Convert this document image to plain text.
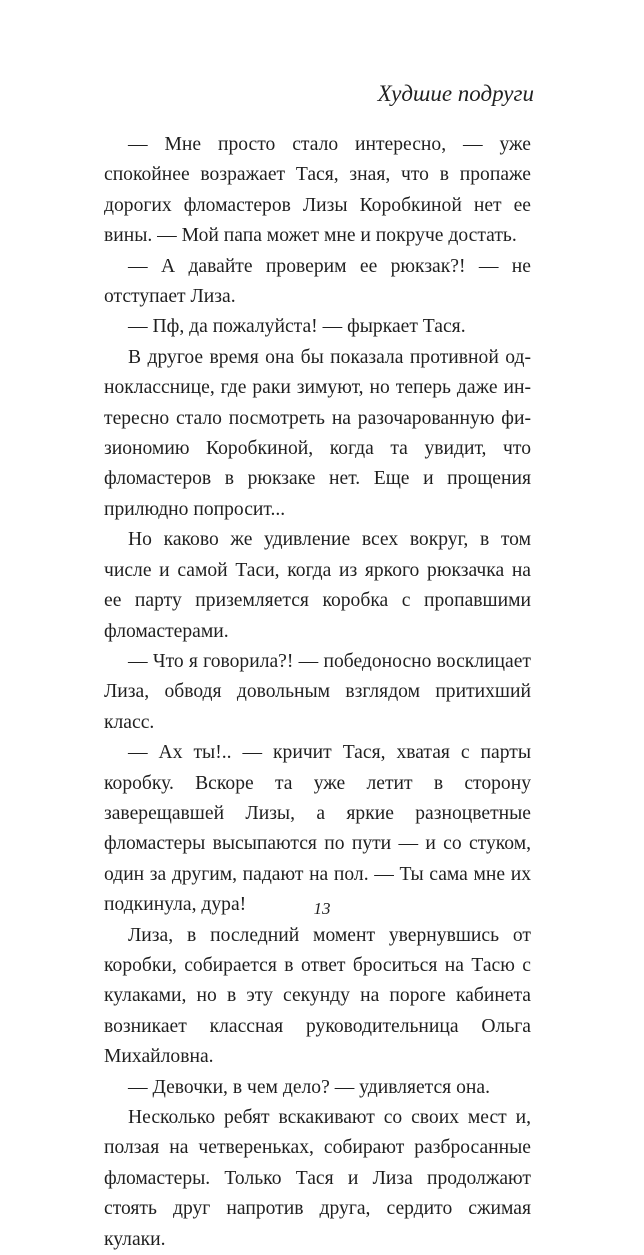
Худшие подруги

— Мне просто стало интересно, — уже спокойнее возражает Тася, зная, что в пропаже дорогих фломастеров Лизы Коробкиной нет ее вины. — Мой папа может мне и покруче достать.

— А давайте проверим ее рюкзак?! — не отступает Лиза.

— Пф, да пожалуйста! — фыркает Тася.

В другое время она бы показала противной однокласснице, где раки зимуют, но теперь даже интересно стало посмотреть на разочарованную физиономию Коробкиной, когда та увидит, что фломастеров в рюкзаке нет. Еще и прощения прилюдно попросит...

Но каково же удивление всех вокруг, в том числе и самой Таси, когда из яркого рюкзачка на ее парту приземляется коробка с пропавшими фломастерами.

— Что я говорила?! — победоносно восклицает Лиза, обводя довольным взглядом притихший класс.

— Ах ты!.. — кричит Тася, хватая с парты коробку. Вскоре та уже летит в сторону заверещавшей Лизы, а яркие разноцветные фломастеры высыпаются по пути — и со стуком, один за другим, падают на пол. — Ты сама мне их подкинула, дура!

Лиза, в последний момент увернувшись от коробки, собирается в ответ броситься на Тасю с кулаками, но в эту секунду на пороге кабинета возникает классная руководительница Ольга Михайловна.

— Девочки, в чем дело? — удивляется она.

Несколько ребят вскакивают со своих мест и, ползая на четвереньках, собирают разбросанные фломастеры. Только Тася и Лиза продолжают стоять друг напротив друга, сердито сжимая кулаки.

13
